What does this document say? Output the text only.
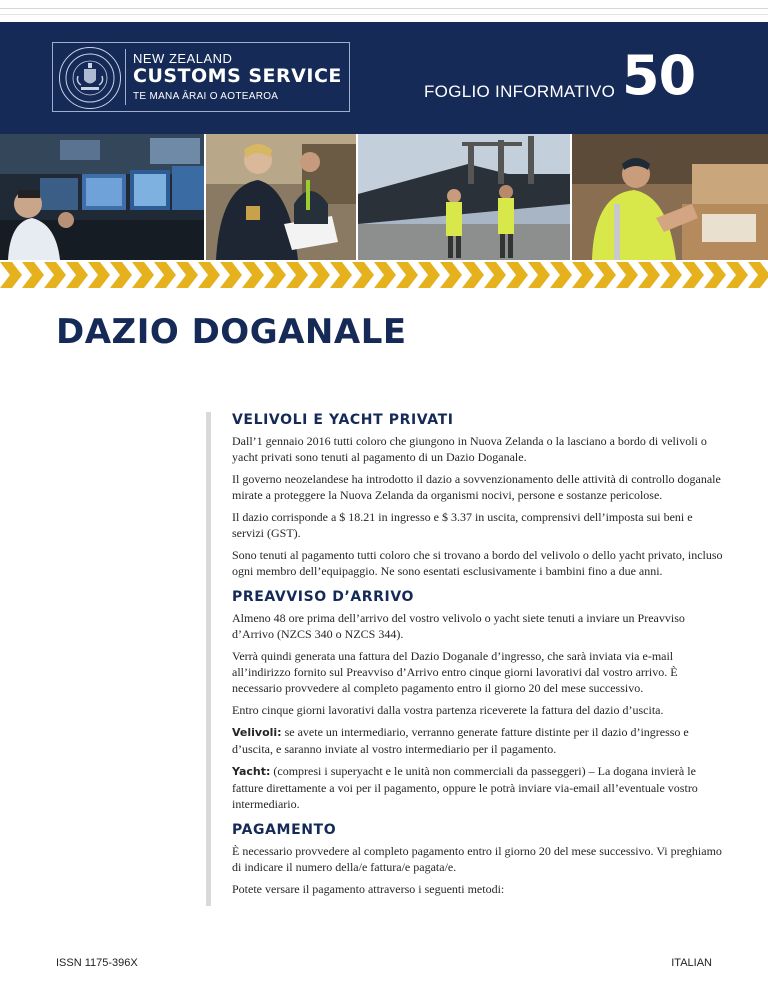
NEW ZEALAND
CUSTOMS SERVICE
TE MANA ĀRAI O AOTEAROA	FOGLIO INFORMATIVO 50
DAZIO DOGANALE
VELIVOLI E YACHT PRIVATI

Dall’1 gennaio 2016 tutti coloro che giungono in Nuova Zelanda o la lasciano a bordo di velivoli o yacht privati sono tenuti al pagamento di un Dazio Doganale.

Il governo neozelandese ha introdotto il dazio a sovvenzionamento delle attività di controllo doganale mirate a proteggere la Nuova Zelanda da organismi nocivi, persone e sostanze pericolose.

Il dazio corrisponde a $ 18.21 in ingresso e $ 3.37 in uscita, comprensivi dell’imposta sui beni e servizi (GST).

Sono tenuti al pagamento tutti coloro che si trovano a bordo del velivolo o dello yacht privato, incluso ogni membro dell’equipaggio. Ne sono esentati esclusivamente i bambini fino a due anni.

PREAVVISO D’ARRIVO

Almeno 48 ore prima dell’arrivo del vostro velivolo o yacht siete tenuti a inviare un Preavviso d’Arrivo (NZCS 340 o NZCS 344).

Verrà quindi generata una fattura del Dazio Doganale d’ingresso, che sarà inviata via e-mail all’indirizzo fornito sul Preavviso d’Arrivo entro cinque giorni lavorativi dal vostro arrivo. È necessario provvedere al completo pagamento entro il giorno 20 del mese successivo.

Entro cinque giorni lavorativi dalla vostra partenza riceverete la fattura del dazio d’uscita.

Velivoli: se avete un intermediario, verranno generate fatture distinte per il dazio d’ingresso e d’uscita, e saranno inviate al vostro intermediario per il pagamento.

Yacht: (compresi i superyacht e le unità non commerciali da passeggeri) – La dogana invierà le fatture direttamente a voi per il pagamento, oppure le potrà inviare via-email all’eventuale vostro intermediario.

PAGAMENTO

È necessario provvedere al completo pagamento entro il giorno 20 del mese successivo. Vi preghiamo di indicare il numero della/e fattura/e pagata/e.

Potete versare il pagamento attraverso i seguenti metodi:

ISSN 1175-396X	ITALIAN
